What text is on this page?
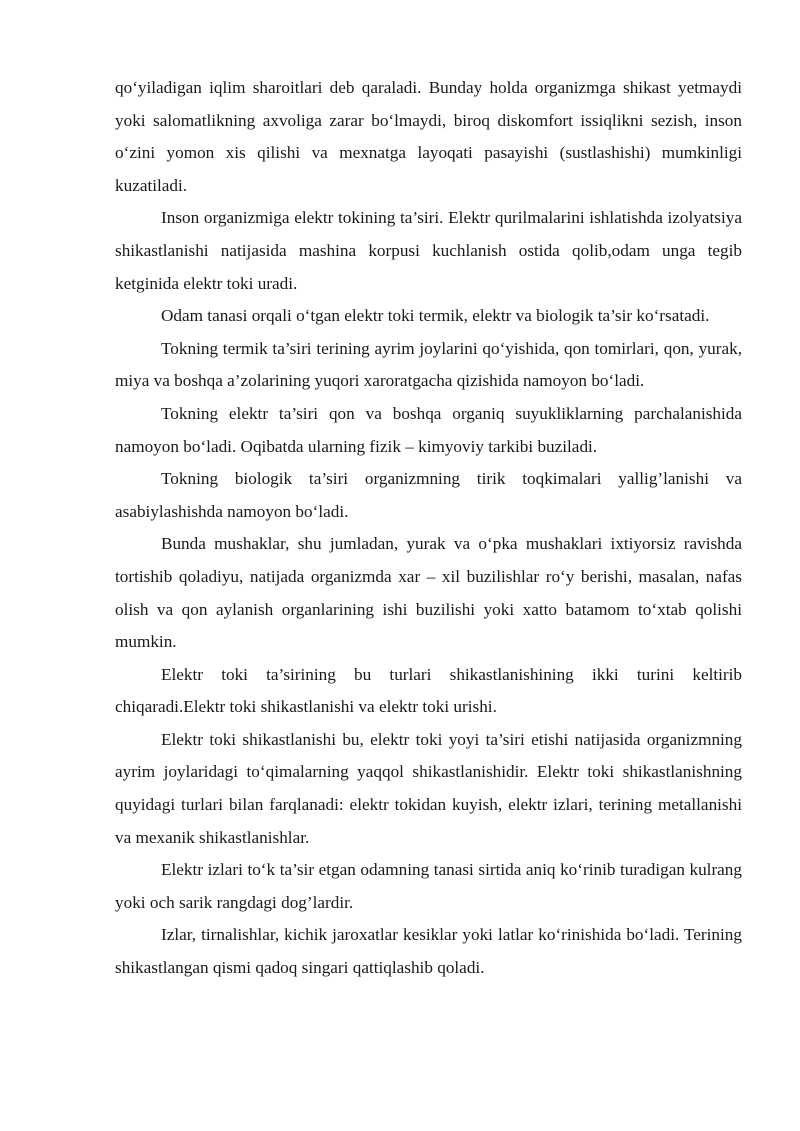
qo‘yiladigan iqlim sharoitlari deb qaraladi. Bunday holda organizmga shikast yetmaydi yoki salomatlikning axvoliga zarar bo‘lmaydi, biroq diskomfort issiqlikni sezish, inson o‘zini yomon xis qilishi va mexnatga layoqati pasayishi (sustlashishi) mumkinligi kuzatiladi.

Inson organizmiga elektr tokining ta’siri. Elektr qurilmalarini ishlatishda izolyatsiya shikastlanishi natijasida mashina korpusi kuchlanish ostida qolib,odam unga tegib ketginida elektr toki uradi.

Odam tanasi orqali o‘tgan elektr toki termik, elektr va biologik ta’sir ko‘rsatadi.

Tokning termik ta’siri terining ayrim joylarini qo‘yishida, qon tomirlari, qon, yurak, miya va boshqa a’zolarining yuqori xaroratgacha qizishida namoyon bo‘ladi.

Tokning elektr ta’siri qon va boshqa organiq suyukliklarning parchalanishida namoyon bo‘ladi. Oqibatda ularning fizik – kimyoviy tarkibi buziladi.

Tokning biologik ta’siri organizmning tirik toqkimalari yallig’lanishi va asabiylashishda namoyon bo‘ladi.

Bunda mushaklar, shu jumladan, yurak va o‘pka mushaklari ixtiyorsiz ravishda tortishib qoladiyu, natijada organizmda xar – xil buzilishlar ro‘y berishi, masalan, nafas olish va qon aylanish organlarining ishi buzilishi yoki xatto batamom to‘xtab qolishi mumkin.

Elektr toki ta’sirining bu turlari shikastlanishining ikki turini keltirib chiqaradi.Elektr toki shikastlanishi va elektr toki urishi.

Elektr toki shikastlanishi bu, elektr toki yoyi ta’siri etishi natijasida organizmning ayrim joylaridagi to‘qimalarning yaqqol shikastlanishidir. Elektr toki shikastlanishning quyidagi turlari bilan farqlanadi: elektr tokidan kuyish, elektr izlari, terining metallanishi va mexanik shikastlanishlar.

Elektr izlari to‘k ta’sir etgan odamning tanasi sirtida aniq ko‘rinib turadigan kulrang yoki och sarik rangdagi dog’lardir.

Izlar, tirnalishlar, kichik jaroxatlar kesiklar yoki latlar ko‘rinishida bo‘ladi. Terining shikastlangan qismi qadoq singari qattiqlashib qoladi.
